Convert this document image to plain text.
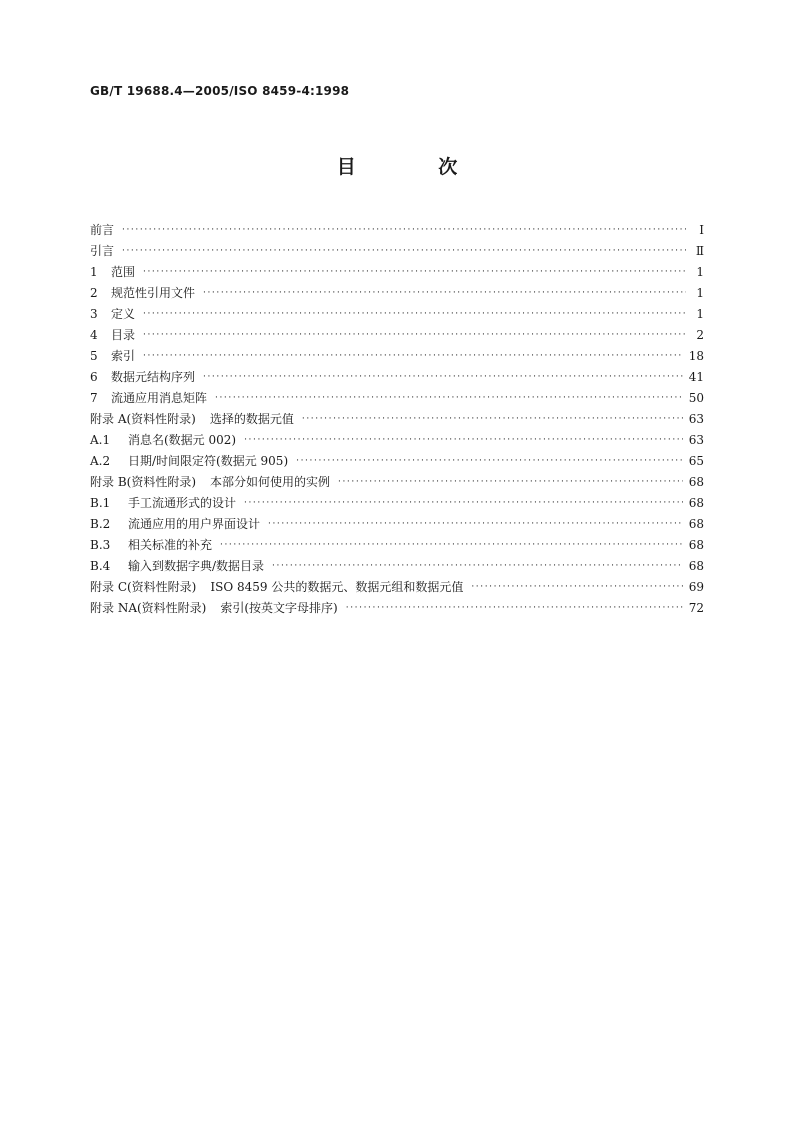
GB/T 19688.4—2005/ISO 8459-4:1998
目 次
前言 ·····	Ⅰ
引言 ·····	Ⅱ
1	范围 ·····	1
2	规范性引用文件 ·····	1
3	定义 ·····	1
4	目录 ·····	2
5	索引 ·····	18
6	数据元结构序列 ·····	41
7	流通应用消息矩阵 ·····	50
附录 A(资料性附录) 选择的数据元值 ·····	63
A.1	消息名(数据元 002) ·····	63
A.2	日期/时间限定符(数据元 905) ·····	65
附录 B(资料性附录) 本部分如何使用的实例 ·····	68
B.1	手工流通形式的设计 ·····	68
B.2	流通应用的用户界面设计 ·····	68
B.3	相关标准的补充 ·····	68
B.4	输入到数据字典/数据目录 ·····	68
附录 C(资料性附录) ISO 8459 公共的数据元、数据元组和数据元值 ·····	69
附录 NA(资料性附录) 索引(按英文字母排序) ·····	72
